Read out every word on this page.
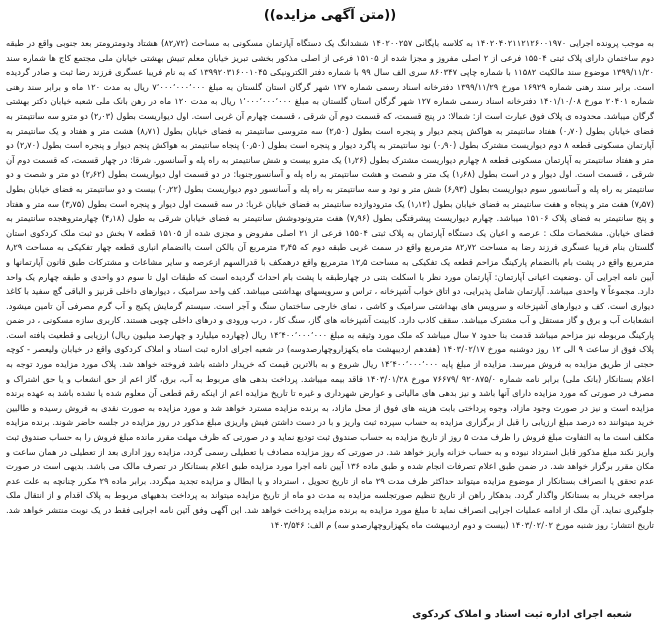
((متن آگهی مزایده))
به موجب پرونده اجرایی ۱۴۰۲۰۴۰۲۱۱۲۱۲۶۰۰۱۹۷۰ به کلاسه بایگانی ۱۴۰۲۰۰۲۵۷ ششدانگ یک دستگاه آپارتمان مسکونی به مساحت (۸۲٫۷۲) هشتاد ودومترومتر بعد جنوبی واقع در طبقه دوم ساختمان دارای پلاک ثبتی ۱۵۵۰۴ فرعی از ۲ اصلی مفروز و مجزا شده از ۱۵۱۰۵ فرعی از اصلی مذکور بخشی تبریز خیابان معلم تبیش بهشتی خیابان ملی مجتمع کاج ها شماره سند ۱۳۹۹/۱۱/۲۰ موضوع سند مالکیت ۱۱۵۸۲ با شماره چاپی ۸۶۰۳۴۷ سری الف سال ۹۹ با شماره دفتر الکترونیکی ۱۳۹۹۲۰۳۱۶۰۰۱۰۴۵ که به نام فریبا عسگری فرزند رضا ثبت و صادر گردیده است. برابر سند رهنی شماره ۱۶۹۲۹ مورخ ۱۳۹۹/۱۱/۲۹ دفترخانه اسناد رسمی شماره ۱۲۷ شهر گرگان استان گلستان به مبلغ ۷٬۰۰۰٬۰۰۰٬۰۰۰ ریال به مدت ۱۲۰ ماه و برابر سند رهنی شماره ۲۰۴۰۱ مورخ ۱۴۰۱/۱۰/۰۸ دفترخانه اسناد رسمی شماره ۱۲۷ شهر گرگان استان گلستان به مبلغ ۱٬۰۰۰٬۰۰۰٬۰۰۰ ریال به مدت ۱۲۰ ماه در رهن بانک ملی شعبه خیابان دکتر بهشتی گرگان میباشد. محدوده ی پلاک فوق عبارت است از: شمالا: در پنج قسمت، که قسمت دوم آن شرقی ، قسمت چهارم آن غربی است. اول دیواریست بطول (۲٫۰۳) دو مترو سه سانتیمتر به فضای خیابان بطول (۰٫۷۰) هفتاد سانتیمتر به هواکش پنجم دیوار و پنجره است بطول (۲٫۵۰) سه متروسی سانتیمتر به فضای خیابان بطول (۸٫۷۱) هشت متر و هفتاد و یک سانتیمتر به آپارتمان مسکونی قطعه ۸ دوم دیواریست مشترک بطول (۰٫۹۰) نود سانتیمتر به پاگرد دیوار و پنجره است بطول (۰٫۵۰) پنجاه سانتیمتر به هواکش پنجم دیوار و پنجره است بطول (۲٫۷۰) دو متر و هفتاد سانتیمتر به آپارتمان مسکونی قطعه ۸ چهارم دیواریست مشترک بطول (۱٫۲۶) یک مترو بیست و شش سانتیمتر به راه پله و آسانسور. شرقا: در چهار قسمت، که قسمت دوم آن شرقی ، قسمت است. اول دیوار و در است بطول (۱٫۶۸) یک متر و شصت و هشت سانتیمتر به راه پله و آسانسورجنوبا: در دو قسمت اول دیواریست بطول (۲٫۶۲) دو متر و شصت و دو سانتیمتر به راه پله و آسانسور سوم دیواریست بطول (۶٫۹۳) شش متر و نود و سه سانتیمتر به راه پله و آسانسور دوم دیواریست بطول (۰٫۲۲) بیست و دو سانتیمتر به فضای خیابان بطول (۷٫۵۷) هفت متر و پنجاه و هفت سانتیمتر به فضای خیابان بطول (۱٫۱۲) یک مترودوازده سانتیمتر به فضای خیابان غربا: در سه قسمت اول دیوار و پنجره است بطول (۳٫۷۵) سه متر و هفتاد و پنج سانتیمتر به فضای پلاک ۱۵۱۰۶ میباشد. چهارم دیواریست پیشرفتگی بطول (۷٫۹۶) هفت مترونودوشش سانتیمتر به فضای خیابان شرقی به طول (۴٫۱۸) چهارمتروهجده سانتیمتر به فضای خیابان. مشخصات ملک : عرصه و اعیان یک دستگاه آپارتمان به پلاک ثبتی ۱۵۵۰۴ فرعی از ۲۱ اصلی مفروض و مجزی شده از ۱۵۱۰۵ قطعه ۷ بخش دو ثبت ملک کردکوی استان گلستان بنام فریبا عسگری فرزند رضا به مساحت ۸۲٫۷۲ مترمربع واقع در سمت غربی طبقه دوم که ۳٫۴۵ مترمربع آن بالکن است باانضمام انباری قطعه چهار تفکیکی به مساحت ۸٫۲۹ مترمربع واقع در پشت بام باانضمام پارکینگ مزاحم قطعه یک تفکیکی به مساحت ۱۲٫۵ مترمربع واقع درهمکف با قدرالسهم ازعرصه و سایر مشاعات و مشترکات طبق قانون آپارتمانها و آیین نامه اجرایی آن .وضعیت اعیانی آپارتمان: آپارتمان مورد نظر با اسکلت بتنی در چهارطبقه با پشت بام احداث گردیده است که طبقات اول تا سوم دو واحدی و طبقه چهارم یک واحد دارد. مجموعاً ۷ واحدی میباشد. آپارتمان شامل پذیرایی، دو اتاق خواب آشپزخانه ، تراس و سرویسهای بهداشتی میباشد. کف واحد سرامیک ، دیوارهای داخلی قرنیز و الباقی گچ سفید با کاغذ دیواری است. کف و دیوارهای آشپزخانه و سرویس های بهداشتی سرامیک و کاشی ، نمای خارجی ساختمان سنگ و آجر است. سیستم گرمایش پکیج و آب گرم مصرفی آن تامین میشود. انشعابات آب و برق و گاز مستقل و آب مشترک میباشد. سقف کاذب دارد. کابینت آشپزخانه های گاز، سنگ کار ، درب ورودی و درهای داخلی چوبی هستند. کاربری سازه مسکونی ، در ضمن پارکینگ مربوطه نیز مزاحم میباشد قدمت بنا حدود ۷ سال میباشد که ملک مورد وثیقه به مبلغ ۱۴٬۴۰۰٬۰۰۰٬۰۰۰ ریال (چهارده میلیارد و چهارصد میلیون ریال) ارزیابی و قطعیت یافته است. پلاک فوق از ساعت ۹ الی ۱۲ روز دوشنبه مورخ ۱۴۰۳/۰۲/۱۷ (هفدهم اردیبهشت ماه یکهزاروچهارصدوسه) در شعبه اجرای اداره ثبت اسناد و املاک کردکوی واقع در خیابان ولیعصر - کوچه حجتی از طریق مزایده به فروش میرسد. مزایده از مبلغ پایه ۱۴٬۴۰۰٬۰۰۰٬۰۰۰ ریال شروع و به بالاترین قیمت که خریدار داشته باشد فروخته خواهد شد. پلاک مورد مزایده مورد توجه به اعلام بستانکار (بانک ملی) برابر نامه شماره ۹۲۰۸۷۵/۰ /۷۶۶۷۹ مورخ ۱۴۰۳/۰۱/۲۸ فاقد بیمه میباشد. پرداخت بدهی های مربوط به آب، برق، گاز اعم از حق انشعاب و یا حق اشتراک و مصرف در صورتی که مورد مزایده دارای آنها باشد و نیز بدهی های مالیاتی و عوارض شهرداری و غیره تا تاریخ مزایده اعم از اینکه رقم قطعی آن معلوم شده یا نشده باشد به عهده برنده مزایده است و نیز در صورت وجود مازاد، وجوه پرداختی بابت هزینه های فوق از محل مازاد، به برنده مزایده مسترد خواهد شد و مورد مزایده به صورت نقدی به فروش رسیده و طالبین خرید میتوانند ده درصد مبلغ ارزیابی را قبل از برگزاری مزایده به حساب سپرده ثبت واریز و با در دست داشتن فیش واریزی مبلغ مذکور در روز مزایده در جلسه حاضر شوند. برنده مزایده مکلف است ما به التفاوت مبلغ فروش را ظرف مدت ۵ روز از تاریخ مزایده به حساب صندوق ثبت تودیع نماید و در صورتی که ظرف مهلت مقرر مانده مبلغ فروش را به حساب صندوق ثبت واریز نکند مبلغ مذکور قابل استرداد نبوده و به حساب خزانه واریز خواهد شد. در صورتی که روز مزایده مصادف با تعطیلی رسمی گردد، مزایده روز اداری بعد از تعطیلی در همان ساعت و مکان مقرر برگزار خواهد شد. در ضمن طبق اعلام تصرفات انجام شده و طبق ماده ۱۳۶ آیین نامه اجرا مورد مزایده طبق اعلام بستانکار در تصرف مالک می باشد. بدیهی است در صورت عدم تحقق یا انصراف بستانکار از موضوع مزایده میتواند حداکثر ظرف مدت ۲۹ ماه از تاریخ تحویل ، استرداد و یا ابطال و مزایده تجدید میگردد. برابر ماده ۲۹ مکرر چنانچه به علت عدم مراجعه خریدار به بستانکار واگذار گردد. بدهکار راهن از تاریخ تنظیم صورتجلسه مزایده به مدت دو ماه از تاریخ مزایده میتواند به پرداخت بدهیهای مربوط به پلاک اقدام و از انتقال ملک جلوگیری نماید. آن ملک از ادامه عملیات اجرایی انصراف نماید تا مبلغ مورد مزایده به برنده مزایده پرداخت خواهد شد. این آگهی وفق آئین نامه اجرایی فقط در یک نوبت منتشر خواهد شد. تاریخ انتشار: روز شنبه مورخ ۱۴۰۳/۰۲/۰۲ (بیست و دوم اردیبهشت ماه یکهزاروچهارصدو سه) م الف: ۱۴۰۳/۵۴۶
شعبه اجرای اداره ثبت اسناد و املاک کردکوی
